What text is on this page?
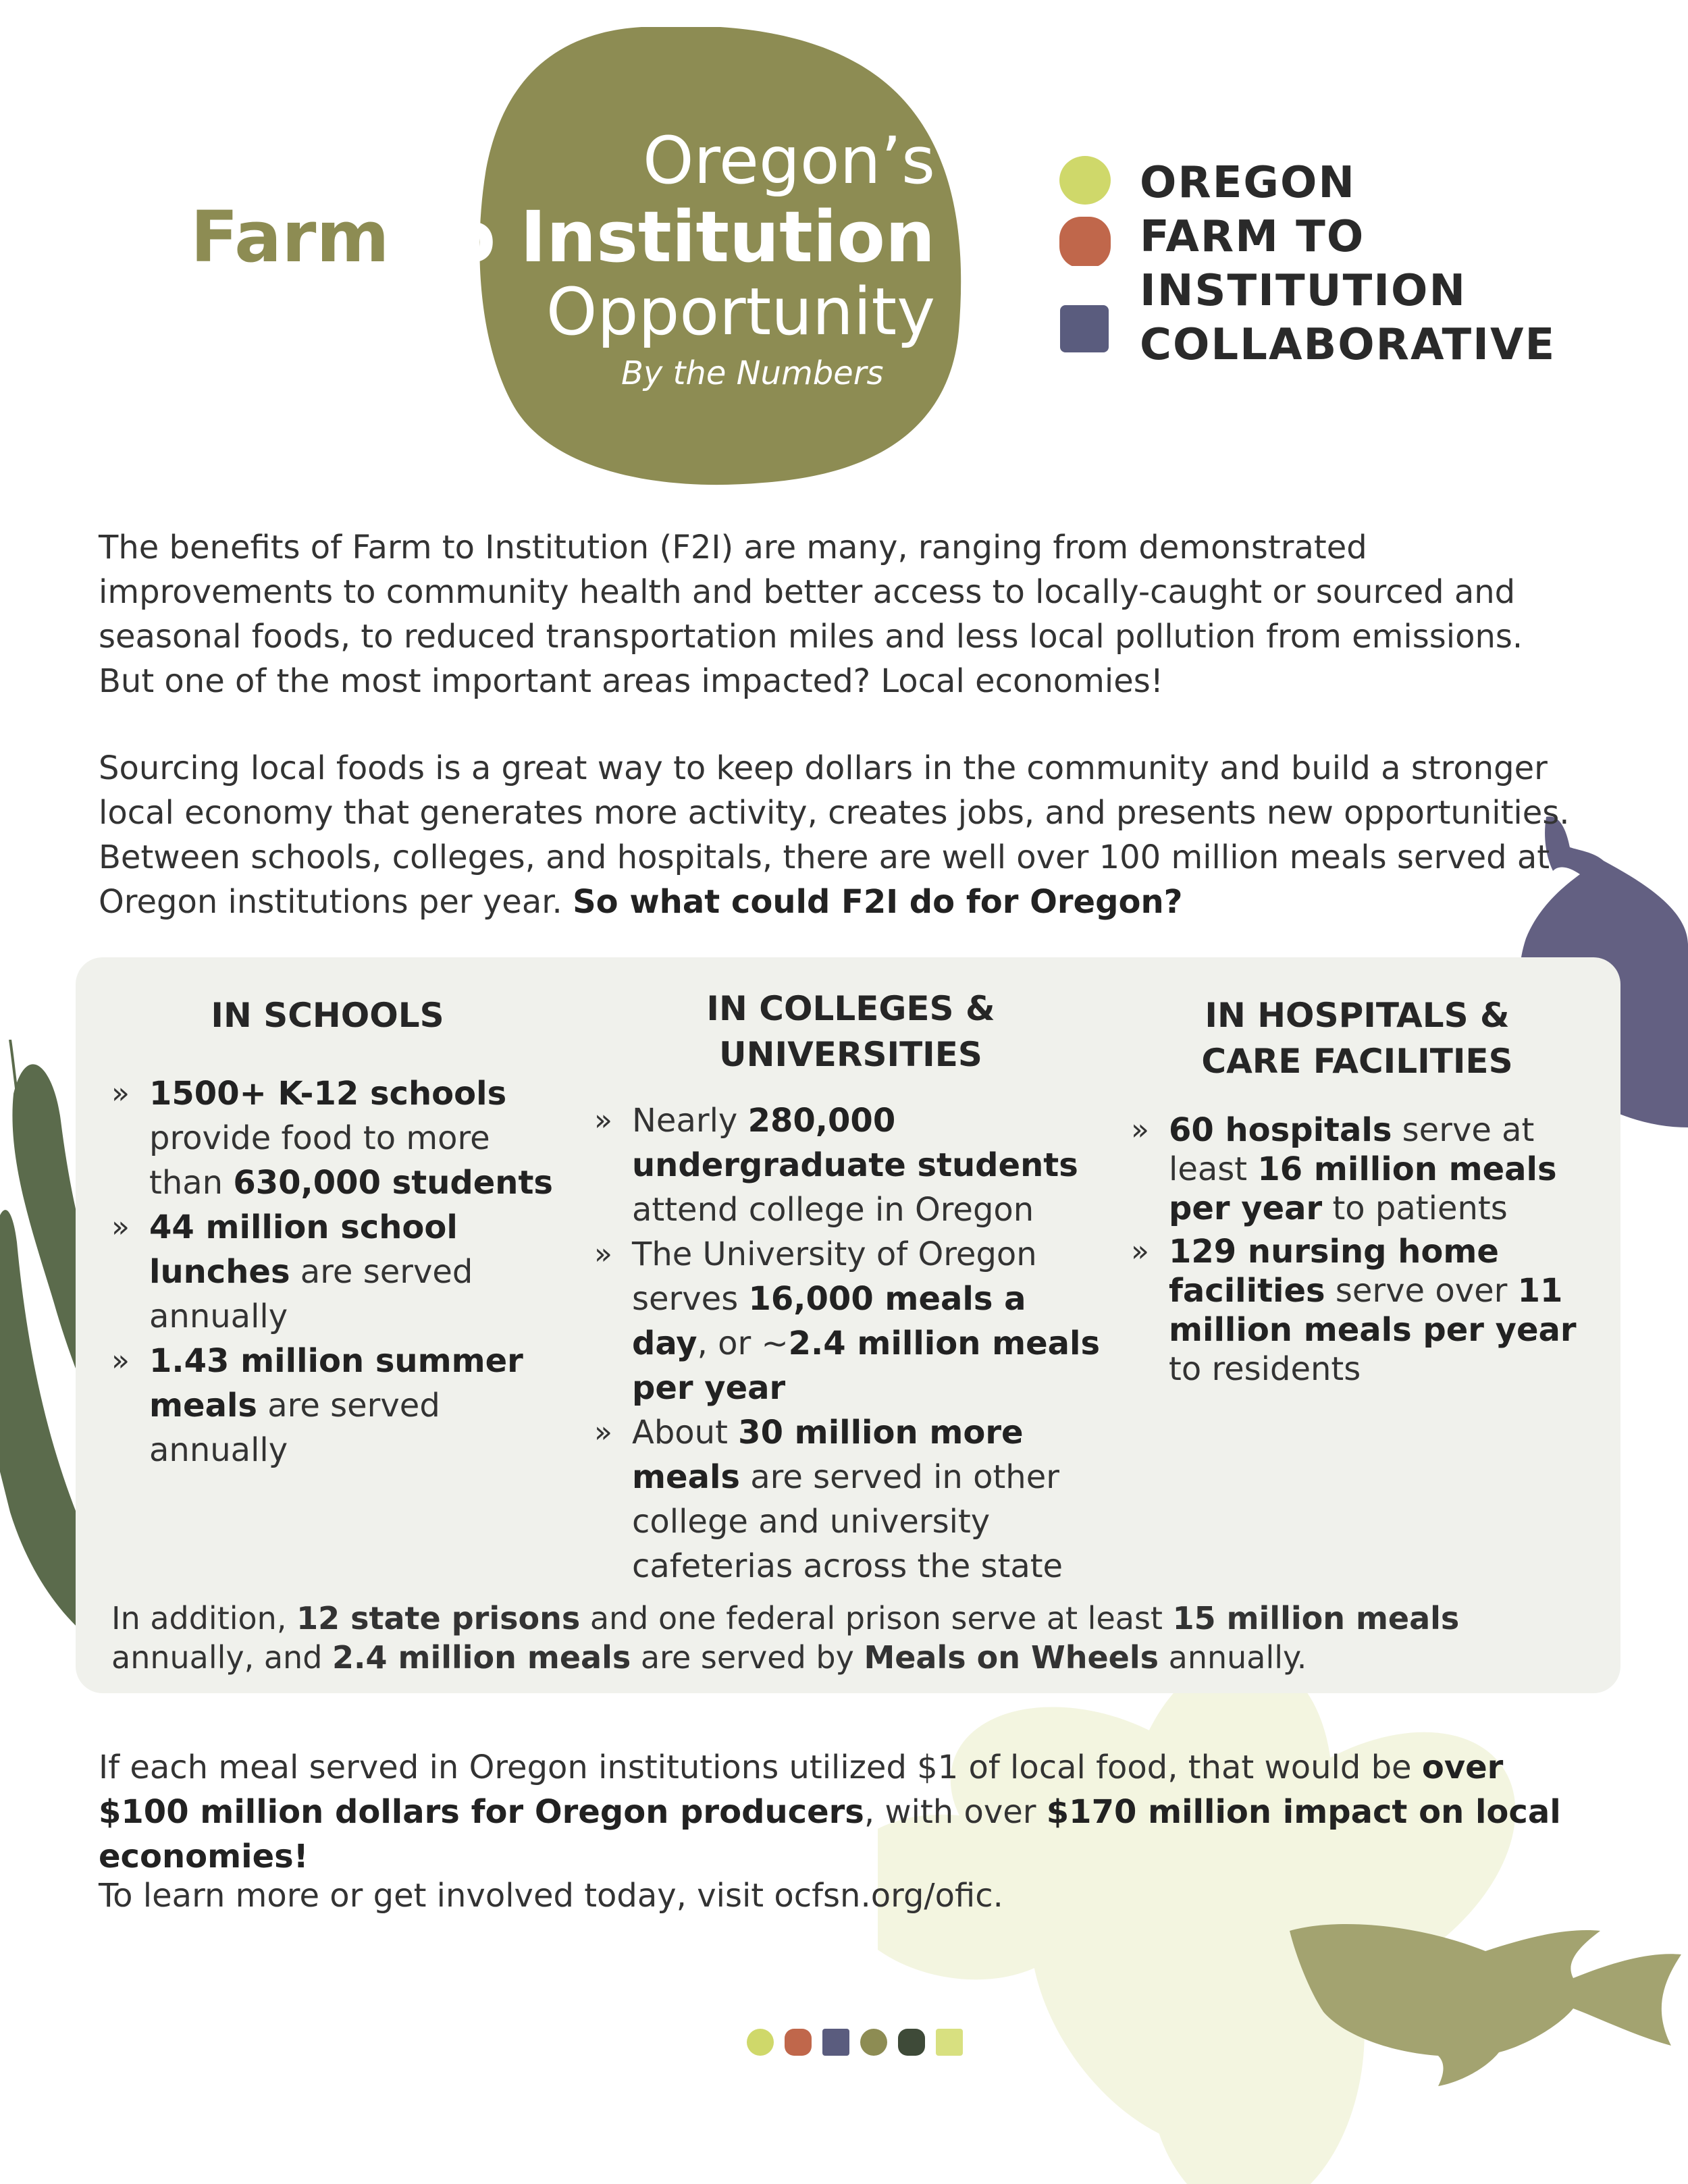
Oregon’s
Farm to Institution
Opportunity
By the Numbers
OREGON
FARM TO
INSTITUTION
COLLABORATIVE
The benefits of Farm to Institution (F2I) are many, ranging from demonstrated improvements to community health and better access to locally-caught or sourced and seasonal foods, to reduced transportation miles and less local pollution from emissions. But one of the most important areas impacted? Local economies!
Sourcing local foods is a great way to keep dollars in the community and build a stronger local economy that generates more activity, creates jobs, and presents new opportunities. Between schools, colleges, and hospitals, there are well over 100 million meals served at Oregon institutions per year. So what could F2I do for Oregon?
IN SCHOOLS
» 1500+ K-12 schools provide food to more than 630,000 students
» 44 million school lunches are served annually
» 1.43 million summer meals are served annually
IN COLLEGES &
UNIVERSITIES
» Nearly 280,000 undergraduate students attend college in Oregon
» The University of Oregon serves 16,000 meals a day, or ~2.4 million meals per year
» About 30 million more meals are served in other college and university cafeterias across the state
IN HOSPITALS &
CARE FACILITIES
» 60 hospitals serve at least 16 million meals per year to patients
» 129 nursing home facilities serve over 11 million meals per year to residents
In addition, 12 state prisons and one federal prison serve at least 15 million meals annually, and 2.4 million meals are served by Meals on Wheels annually.
If each meal served in Oregon institutions utilized $1 of local food, that would be over $100 million dollars for Oregon producers, with over $170 million impact on local economies!
To learn more or get involved today, visit ocfsn.org/ofic.
